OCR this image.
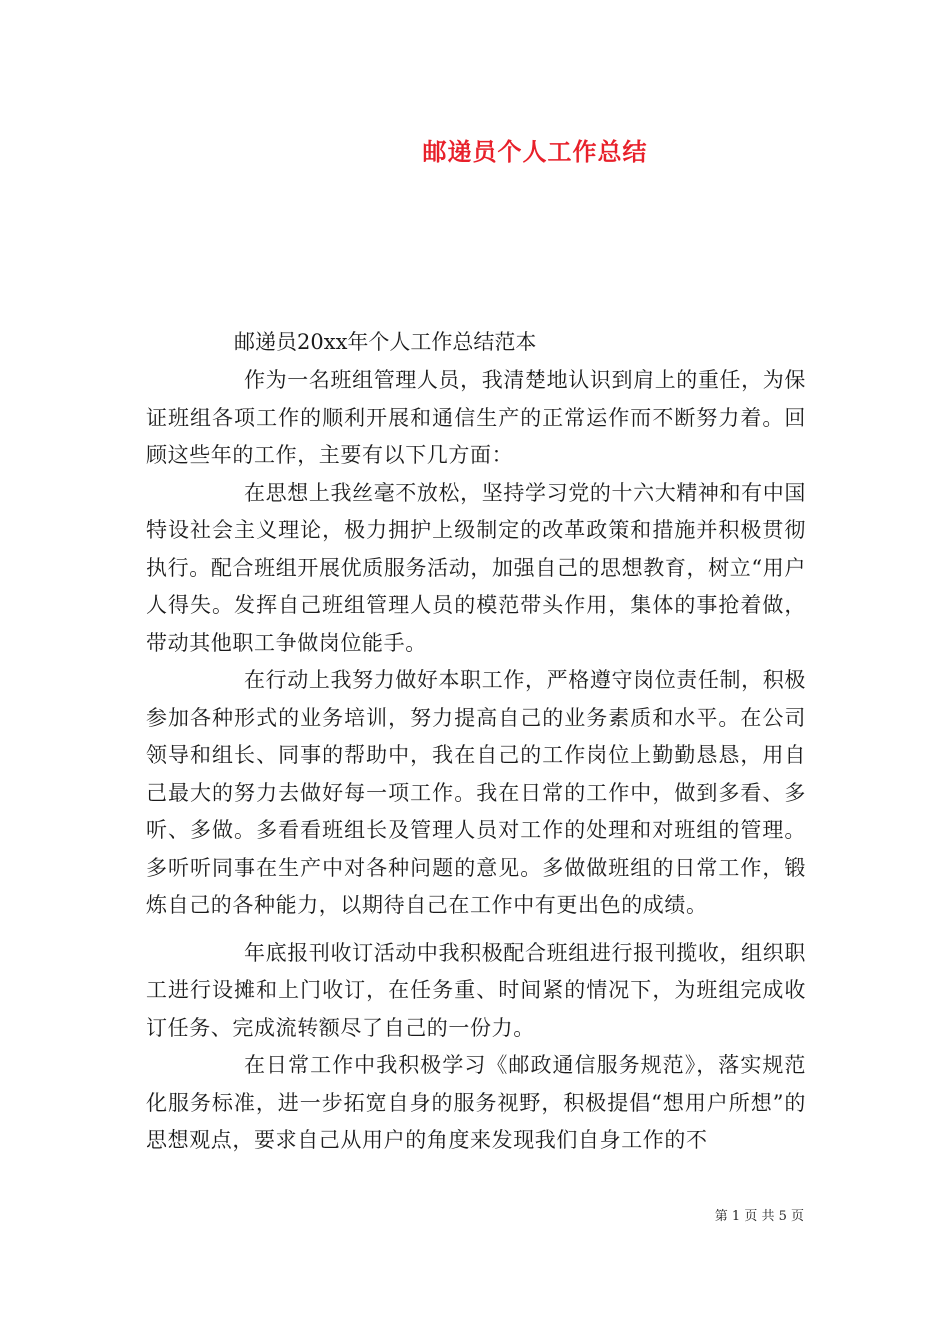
邮递员个人工作总结

邮递员20xx年个人工作总结范本

作为一名班组管理人员，我清楚地认识到肩上的重任，为保证班组各项工作的顺利开展和通信生产的正常运作而不断努力着。回顾这些年的工作，主要有以下几方面：

在思想上我丝毫不放松，坚持学习党的十六大精神和有中国特设社会主义理论，极力拥护上级制定的改革政策和措施并积极贯彻执行。配合班组开展优质服务活动，加强自己的思想教育，树立“用户人得失。发挥自己班组管理人员的模范带头作用，集体的事抢着做，带动其他职工争做岗位能手。

在行动上我努力做好本职工作，严格遵守岗位责任制，积极参加各种形式的业务培训，努力提高自己的业务素质和水平。在公司领导和组长、同事的帮助中，我在自己的工作岗位上勤勤恳恳，用自己最大的努力去做好每一项工作。我在日常的工作中，做到多看、多听、多做。多看看班组长及管理人员对工作的处理和对班组的管理。多听听同事在生产中对各种问题的意见。多做做班组的日常工作，锻炼自己的各种能力，以期待自己在工作中有更出色的成绩。

年底报刊收订活动中我积极配合班组进行报刊揽收，组织职工进行设摊和上门收订，在任务重、时间紧的情况下，为班组完成收订任务、完成流转额尽了自己的一份力。

在日常工作中我积极学习《邮政通信服务规范》，落实规范化服务标准，进一步拓宽自身的服务视野，积极提倡“想用户所想”的思想观点，要求自己从用户的角度来发现我们自身工作的不

第 1 页 共 5 页
